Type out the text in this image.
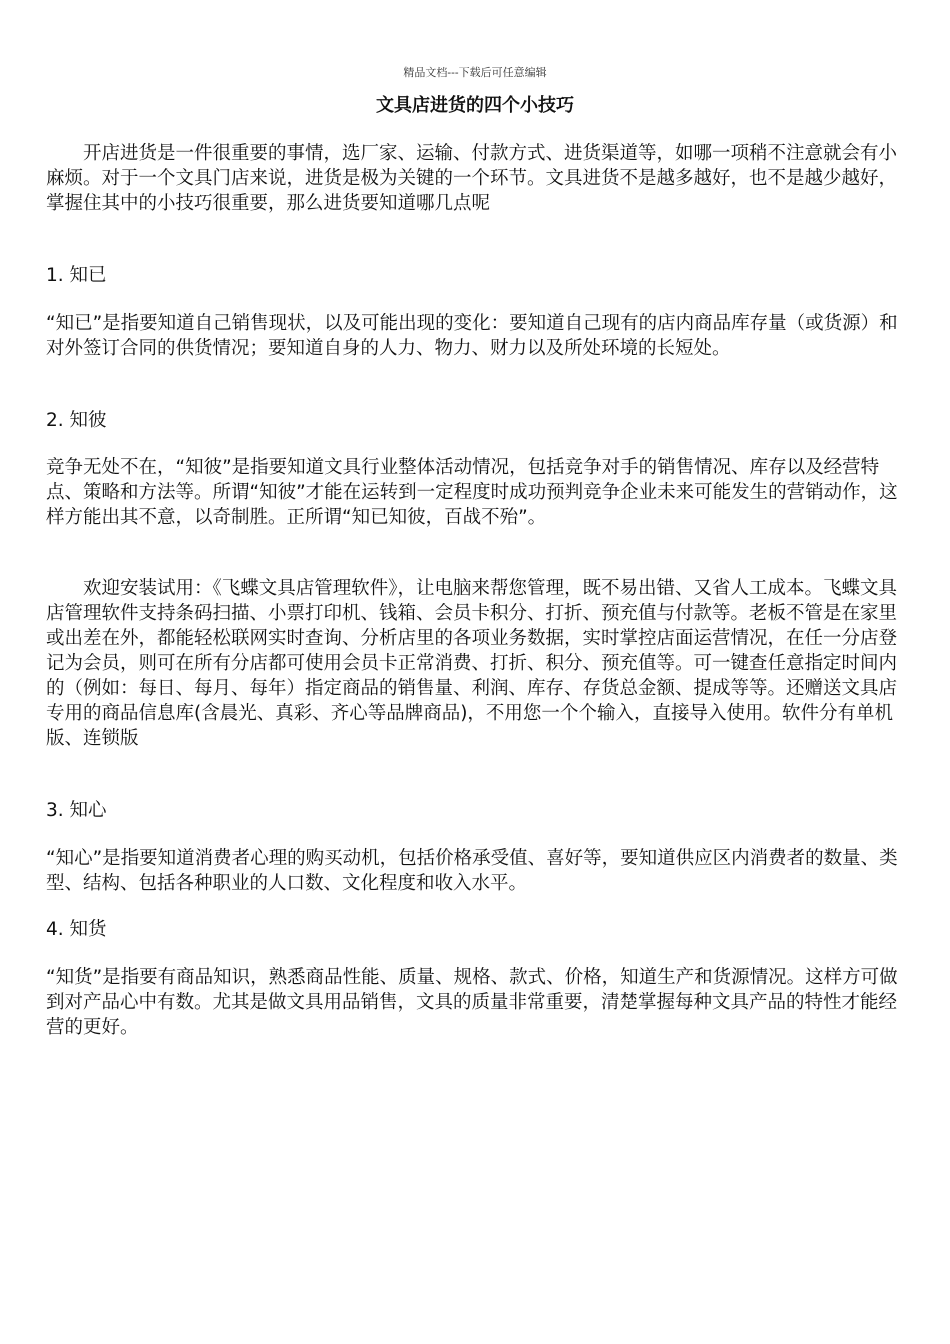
精品文档---下载后可任意编辑
文具店进货的四个小技巧

开店进货是一件很重要的事情，选厂家、运输、付款方式、进货渠道等，如哪一项稍不注意就会有小麻烦。对于一个文具门店来说，进货是极为关键的一个环节。文具进货不是越多越好，也不是越少越好，掌握住其中的小技巧很重要，那么进货要知道哪几点呢

1. 知已

“知已”是指要知道自己销售现状，以及可能出现的变化：要知道自己现有的店内商品库存量（或货源）和对外签订合同的供货情况；要知道自身的人力、物力、财力以及所处环境的长短处。

2. 知彼

竞争无处不在，“知彼”是指要知道文具行业整体活动情况，包括竞争对手的销售情况、库存以及经营特点、策略和方法等。所谓“知彼”才能在运转到一定程度时成功预判竞争企业未来可能发生的营销动作，这样方能出其不意，以奇制胜。正所谓“知已知彼，百战不殆”。

欢迎安装试用：《飞蝶文具店管理软件》，让电脑来帮您管理，既不易出错、又省人工成本。飞蝶文具店管理软件支持条码扫描、小票打印机、钱箱、会员卡积分、打折、预充值与付款等。老板不管是在家里或出差在外，都能轻松联网实时查询、分析店里的各项业务数据，实时掌控店面运营情况，在任一分店登记为会员，则可在所有分店都可使用会员卡正常消费、打折、积分、预充值等。可一键查任意指定时间内的（例如：每日、每月、每年）指定商品的销售量、利润、库存、存货总金额、提成等等。还赠送文具店专用的商品信息库(含晨光、真彩、齐心等品牌商品)，不用您一个个输入，直接导入使用。软件分有单机版、连锁版

3. 知心

“知心”是指要知道消费者心理的购买动机，包括价格承受值、喜好等，要知道供应区内消费者的数量、类型、结构、包括各种职业的人口数、文化程度和收入水平。

4. 知货

“知货”是指要有商品知识，熟悉商品性能、质量、规格、款式、价格，知道生产和货源情况。这样方可做到对产品心中有数。尤其是做文具用品销售，文具的质量非常重要，清楚掌握每种文具产品的特性才能经营的更好。
